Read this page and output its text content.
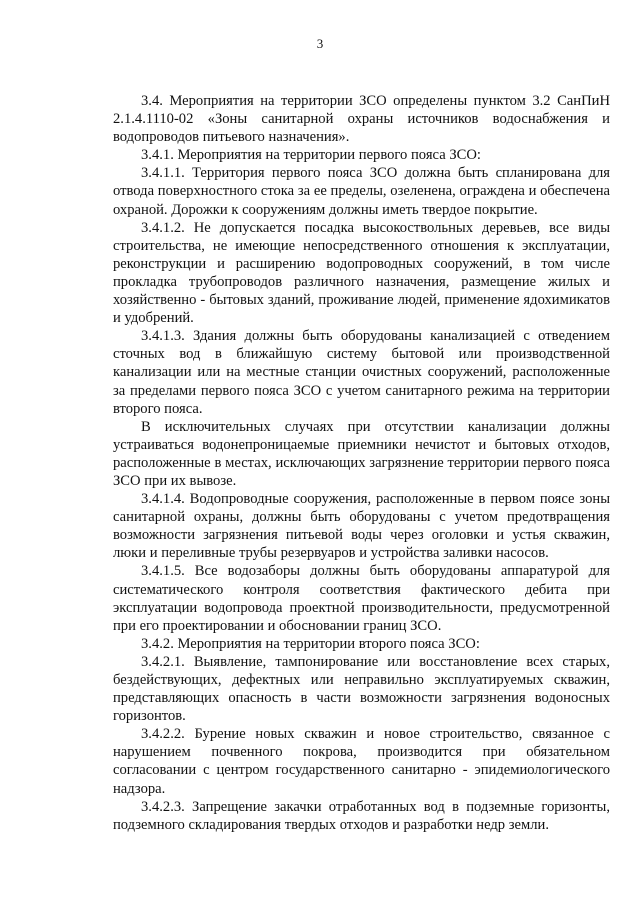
3

3.4. Мероприятия на территории ЗСО определены пунктом 3.2 СанПиН 2.1.4.1110-02 «Зоны санитарной охраны источников водоснабжения и водопроводов питьевого назначения».

3.4.1. Мероприятия на территории первого пояса ЗСО:

3.4.1.1. Территория первого пояса ЗСО должна быть спланирована для отвода поверхностного стока за ее пределы, озеленена, ограждена и обеспечена охраной. Дорожки к сооружениям должны иметь твердое покрытие.

3.4.1.2. Не допускается посадка высокоствольных деревьев, все виды строительства, не имеющие непосредственного отношения к эксплуатации, реконструкции и расширению водопроводных сооружений, в том числе прокладка трубопроводов различного назначения, размещение жилых и хозяйственно - бытовых зданий, проживание людей, применение ядохимикатов и удобрений.

3.4.1.3. Здания должны быть оборудованы канализацией с отведением сточных вод в ближайшую систему бытовой или производственной канализации или на местные станции очистных сооружений, расположенные за пределами первого пояса ЗСО с учетом санитарного режима на территории второго пояса.

В исключительных случаях при отсутствии канализации должны устраиваться водонепроницаемые приемники нечистот и бытовых отходов, расположенные в местах, исключающих загрязнение территории первого пояса ЗСО при их вывозе.

3.4.1.4. Водопроводные сооружения, расположенные в первом поясе зоны санитарной охраны, должны быть оборудованы с учетом предотвращения возможности загрязнения питьевой воды через оголовки и устья скважин, люки и переливные трубы резервуаров и устройства заливки насосов.

3.4.1.5. Все водозаборы должны быть оборудованы аппаратурой для систематического контроля соответствия фактического дебита при эксплуатации водопровода проектной производительности, предусмотренной при его проектировании и обосновании границ ЗСО.

3.4.2. Мероприятия на территории второго пояса ЗСО:

3.4.2.1. Выявление, тампонирование или восстановление всех старых, бездействующих, дефектных или неправильно эксплуатируемых скважин, представляющих опасность в части возможности загрязнения водоносных горизонтов.

3.4.2.2. Бурение новых скважин и новое строительство, связанное с нарушением почвенного покрова, производится при обязательном согласовании с центром государственного санитарно - эпидемиологического надзора.

3.4.2.3. Запрещение закачки отработанных вод в подземные горизонты, подземного складирования твердых отходов и разработки недр земли.
